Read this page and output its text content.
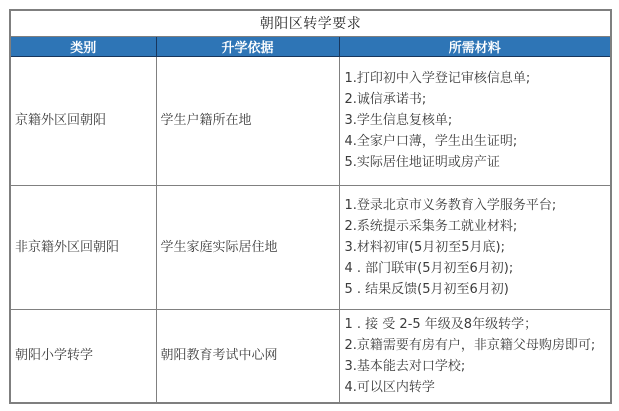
朝阳区转学要求		
类别	升学依据	所需材料
京籍外区回朝阳	学生户籍所在地	1.打印初中入学登记审核信息单;
2.诚信承诺书;
3.学生信息复核单;
4.全家户口薄，学生出生证明;
5.实际居住地证明或房产证

非京籍外区回朝阳	学生家庭实际居住地	1.登录北京市义务教育入学服务平台;
2.系统提示采集务工就业材料;
3.材料初审(5月初至5月底);
4 . 部门联审(5月初至6月初);
5 . 结果反馈(5月初至6月初)

朝阳小学转学	朝阳教育考试中心网	1 . 接 受 2-5 年级及8年级转学；
2.京籍需要有房有户，非京籍父母购房即可;
3.基本能去对口学校;
4.可以区内转学
